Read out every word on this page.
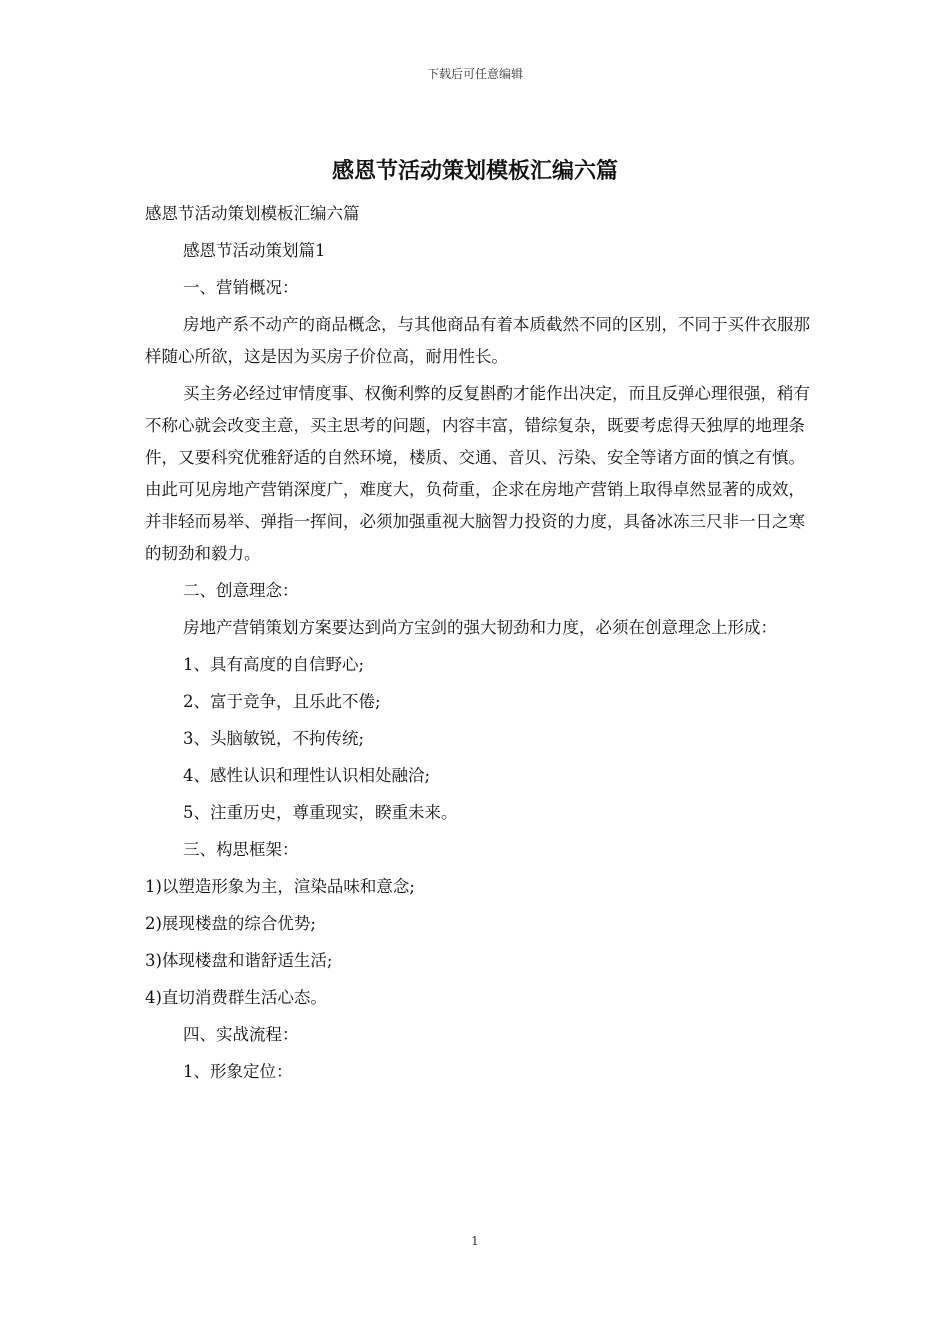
下载后可任意编辑
感恩节活动策划模板汇编六篇

感恩节活动策划模板汇编六篇

感恩节活动策划篇1

一、营销概况：

房地产系不动产的商品概念，与其他商品有着本质截然不同的区别，不同于买件衣服那样随心所欲，这是因为买房子价位高，耐用性长。

买主务必经过审情度事、权衡利弊的反复斟酌才能作出决定，而且反弹心理很强，稍有不称心就会改变主意，买主思考的问题，内容丰富，错综复杂，既要考虑得天独厚的地理条件，又要科究优雅舒适的自然环境，楼质、交通、音贝、污染、安全等诸方面的慎之有慎。由此可见房地产营销深度广，难度大，负荷重，企求在房地产营销上取得卓然显著的成效，并非轻而易举、弹指一挥间，必须加强重视大脑智力投资的力度，具备冰冻三尺非一日之寒的韧劲和毅力。

二、创意理念：

房地产营销策划方案要达到尚方宝剑的强大韧劲和力度，必须在创意理念上形成：

1、具有高度的自信野心;

2、富于竞争，且乐此不倦;

3、头脑敏锐，不拘传统;

4、感性认识和理性认识相处融洽;

5、注重历史，尊重现实，睽重未来。

三、构思框架：

1)以塑造形象为主，渲染品味和意念;

2)展现楼盘的综合优势;

3)体现楼盘和谐舒适生活;

4)直切消费群生活心态。

四、实战流程：

1、形象定位：

1
